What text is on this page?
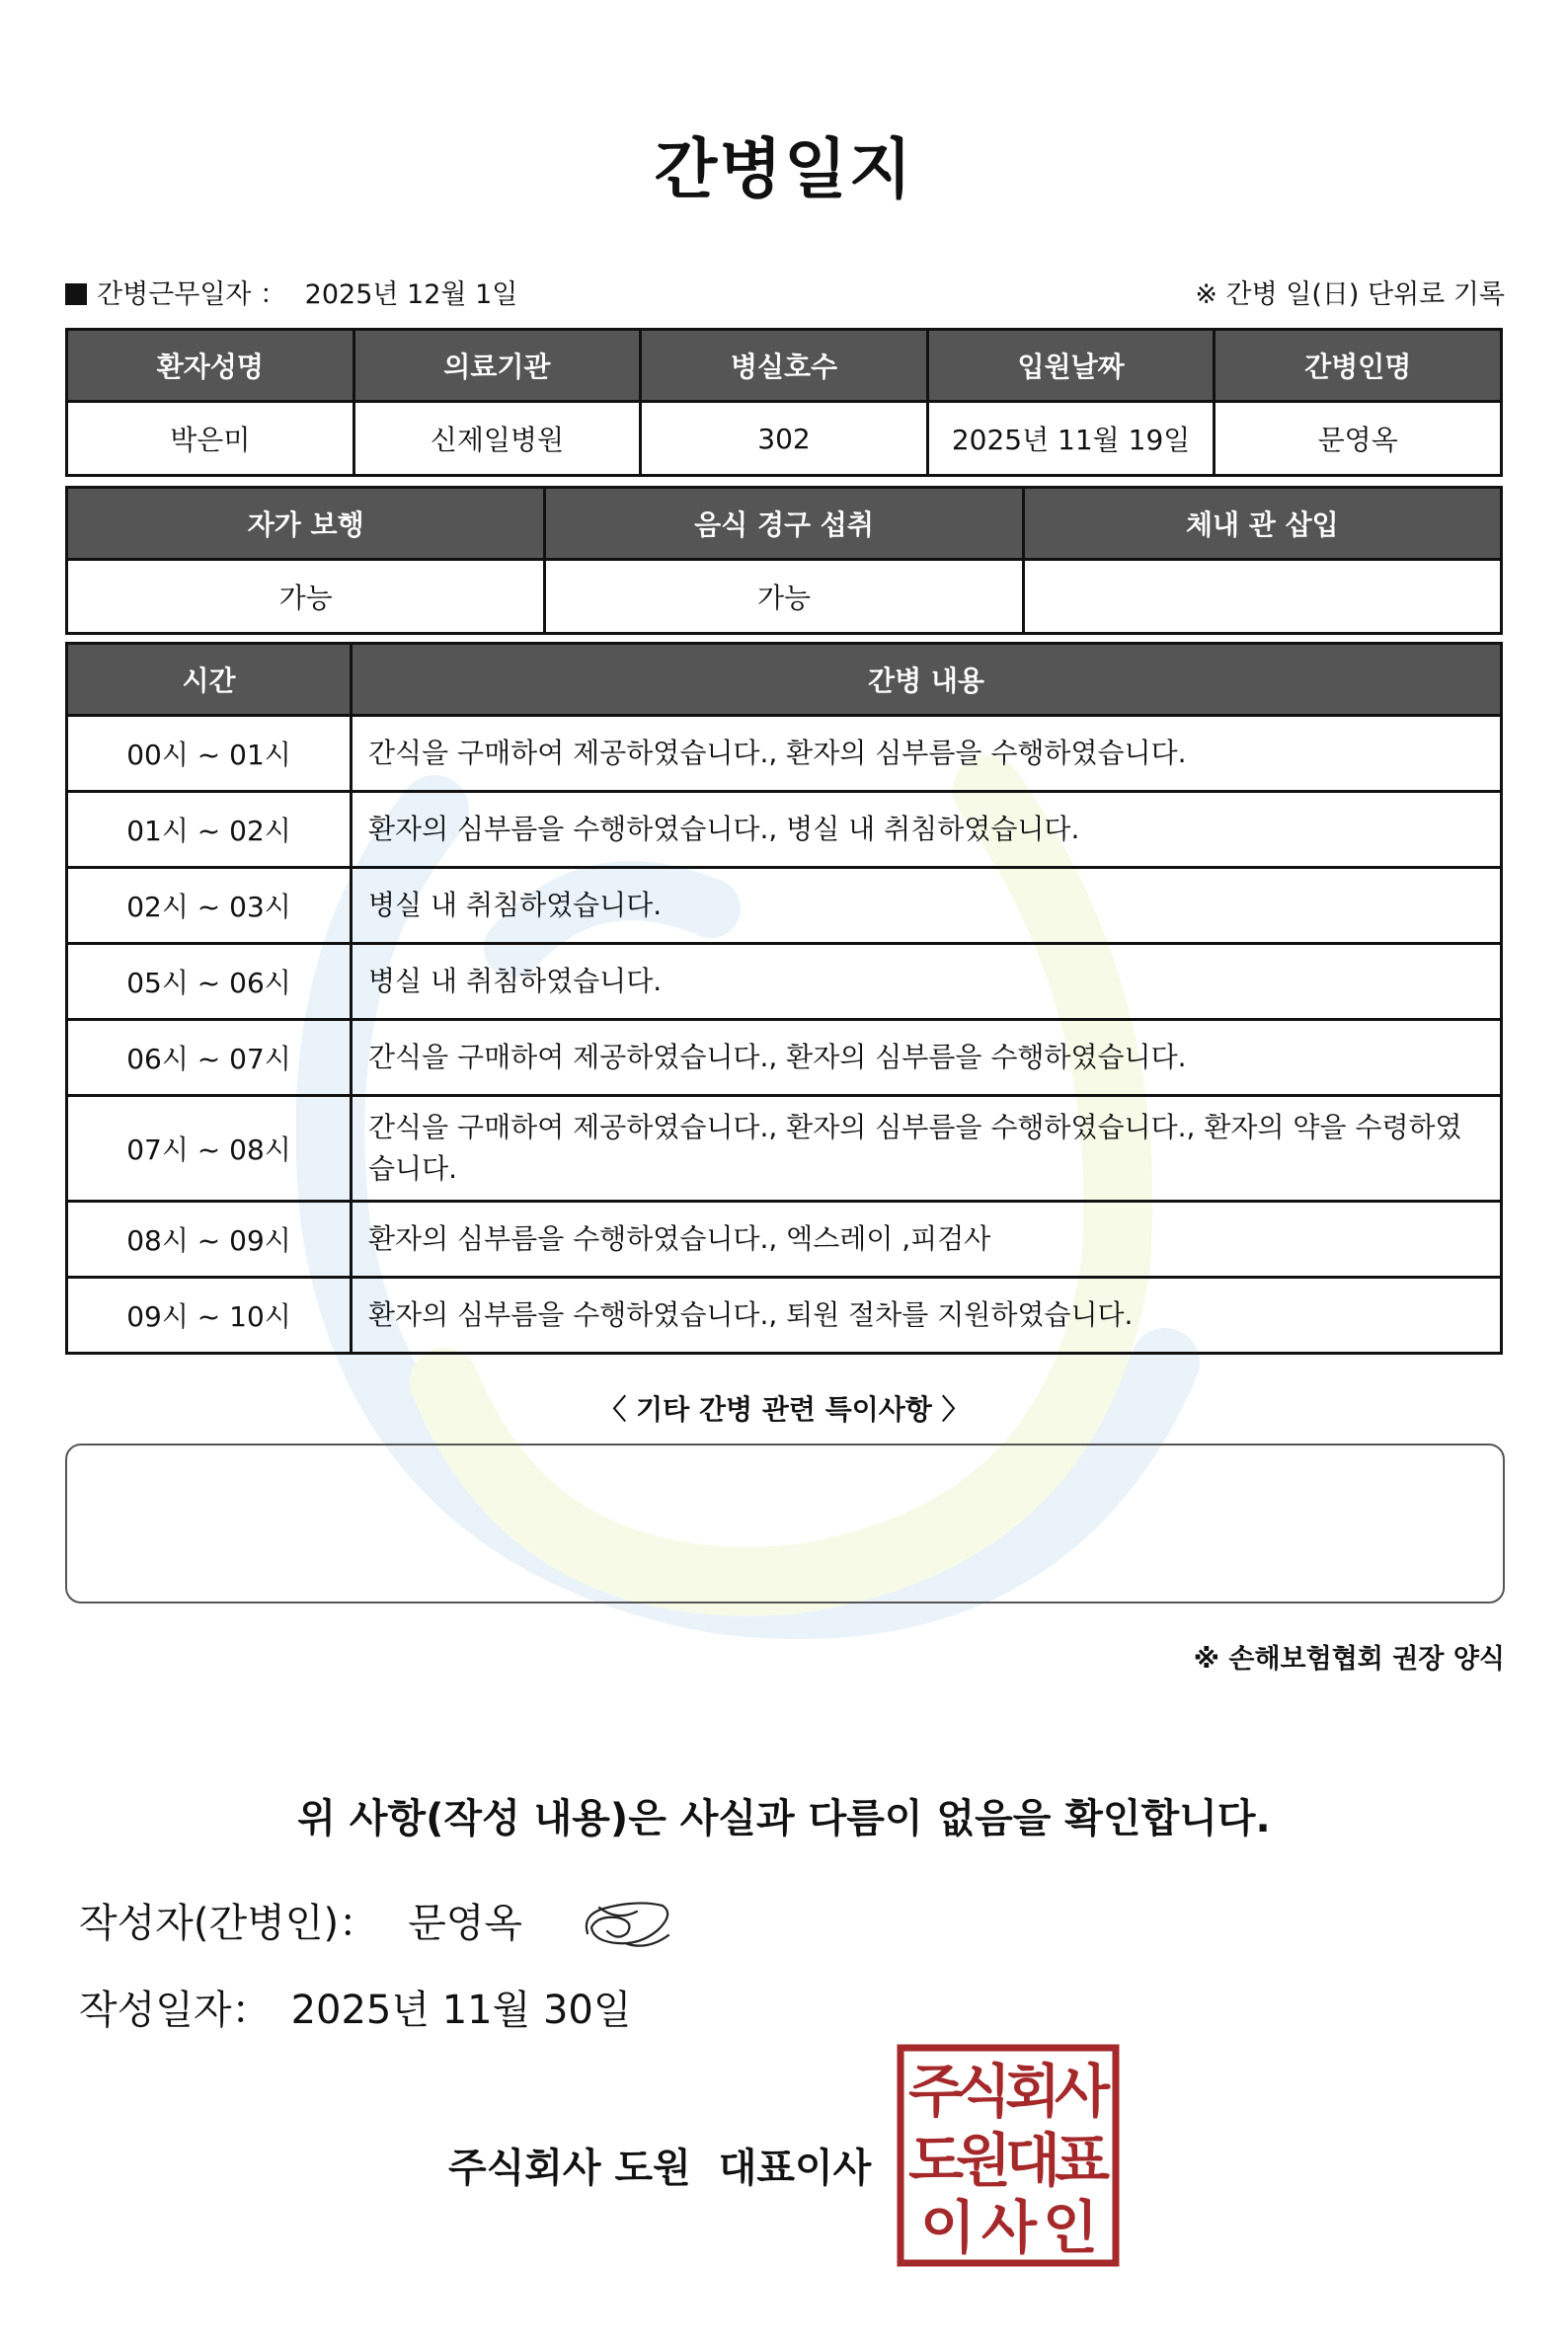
간병일지
간병근무일자 ： 2025년 12월 1일	※ 간병 일(日) 단위로 기록
환자성명	의료기관	병실호수	입원날짜	간병인명
박은미	신제일병원	302	2025년 11월 19일	문영옥
자가 보행	음식 경구 섭취	체내 관 삽입
가능	가능	
시간	간병 내용
00시 ~ 01시	간식을 구매하여 제공하였습니다., 환자의 심부름을 수행하였습니다.
01시 ~ 02시	환자의 심부름을 수행하였습니다., 병실 내 취침하였습니다.
02시 ~ 03시	병실 내 취침하였습니다.
05시 ~ 06시	병실 내 취침하였습니다.
06시 ~ 07시	간식을 구매하여 제공하였습니다., 환자의 심부름을 수행하였습니다.
07시 ~ 08시	간식을 구매하여 제공하였습니다., 환자의 심부름을 수행하였습니다., 환자의 약을 수령하였습니다.
08시 ~ 09시	환자의 심부름을 수행하였습니다., 엑스레이 ,피검사
09시 ~ 10시	환자의 심부름을 수행하였습니다., 퇴원 절차를 지원하였습니다.
〈 기타 간병 관련 특이사항 〉
※ 손해보험협회 권장 양식
위 사항(작성 내용)은 사실과 다름이 없음을 확인합니다.
작성자(간병인)： 문영옥
작성일자： 2025년 11월 30일
주식회사 도원 대표이사
주
식
회
사
도
원
대
표
이 사 인
